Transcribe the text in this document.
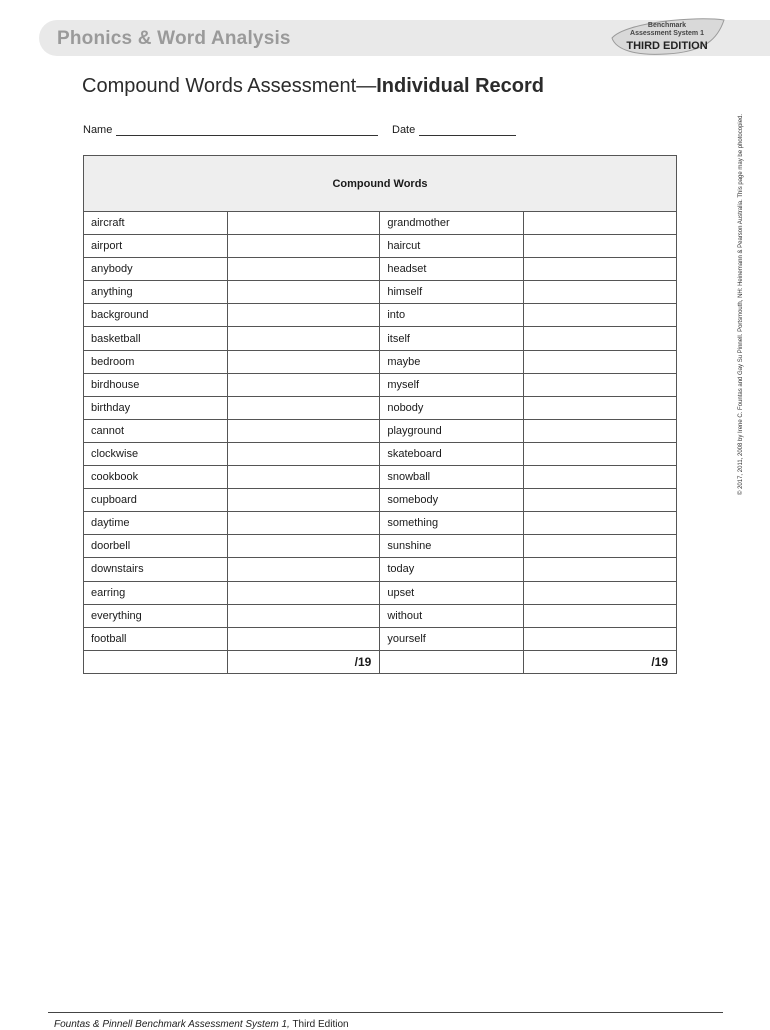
Phonics & Word Analysis
Benchmark
Assessment System 1
THIRD EDITION
Compound Words Assessment—Individual Record
Name	Date	© 2017, 2011, 2008 by Irene C. Fountas and Gay Su Pinnell. Portsmouth, NH: Heinemann & Pearson Australia. This page may be photocopied.
Compound Words			
aircraft		grandmother	
airport		haircut	
anybody		headset	
anything		himself	
background		into	
basketball		itself	
bedroom		maybe	
birdhouse		myself	
birthday		nobody	
cannot		playground	
clockwise		skateboard	
cookbook		snowball	
cupboard		somebody	
daytime		something	
doorbell		sunshine	
downstairs		today	
earring		upset	
everything		without	
football		yourself	
	/19		/19
Fountas & Pinnell Benchmark Assessment System 1, Third Edition
